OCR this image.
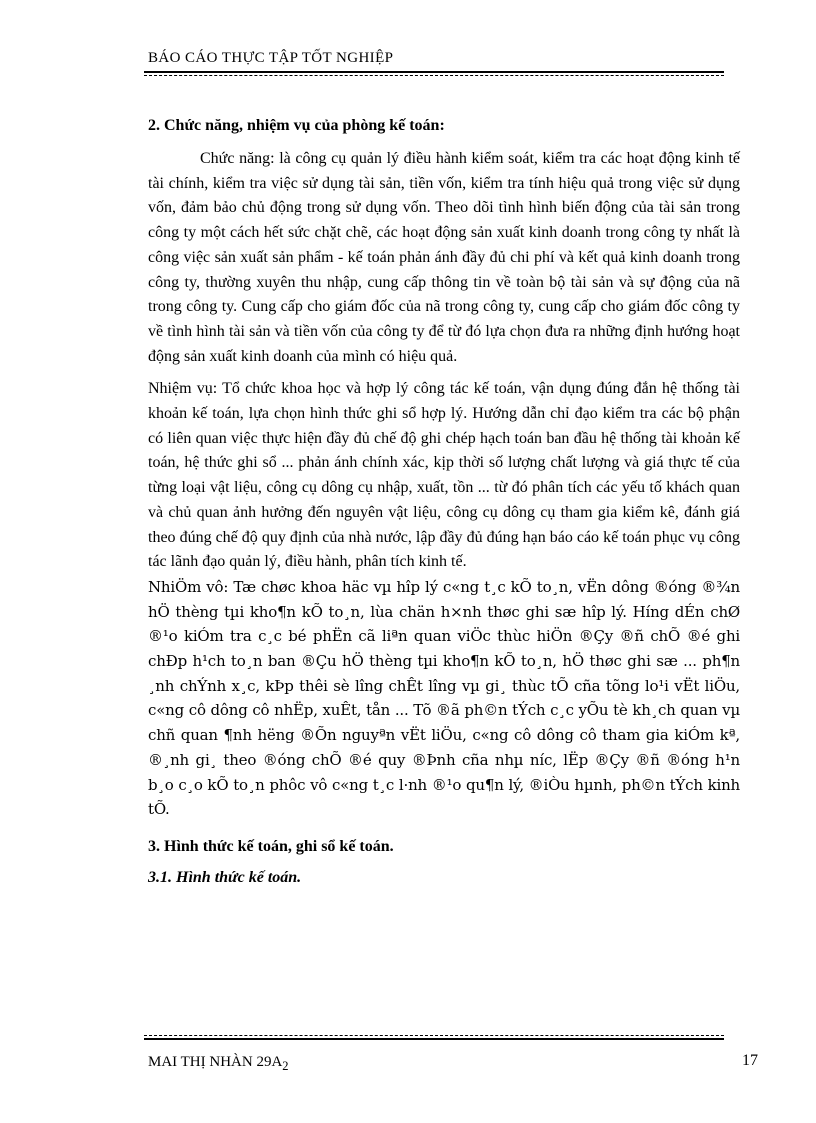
BÁO CÁO THỰC TẬP TỐT NGHIỆP

2. Chức năng, nhiệm vụ của phòng kế toán:

Chức năng: là công cụ quản lý điều hành kiểm soát, kiểm tra các hoạt động kinh tế tài chính, kiểm tra việc sử dụng tài sản, tiền vốn, kiểm tra tính hiệu quả trong việc sử dụng vốn, đảm bảo chủ động trong sử dụng vốn. Theo dõi tình hình biến động của tài sản trong công ty một cách hết sức chặt chẽ, các hoạt động sản xuất kinh doanh trong công ty nhất là công việc sản xuất sản phẩm - kế toán phản ánh đầy đủ chi phí và kết quả kinh doanh trong công ty, thường xuyên thu nhập, cung cấp thông tin về toàn bộ tài sản và sự động của nã trong công ty. Cung cấp cho giám đốc của nã trong công ty, cung cấp cho giám đốc công ty về tình hình tài sản và tiền vốn của công ty để từ đó lựa chọn đưa ra những định hướng hoạt động sản xuất kinh doanh của mình có hiệu quả.

Nhiệm vụ: Tổ chức khoa học và hợp lý công tác kế toán, vận dụng đúng đắn hệ thống tài khoản kế toán, lựa chọn hình thức ghi sổ hợp lý. Hướng dẫn chỉ đạo kiểm tra các bộ phận có liên quan việc thực hiện đầy đủ chế độ ghi chép hạch toán ban đầu hệ thống tài khoản kế toán, hệ thức ghi sổ ... phản ánh chính xác, kịp thời số lượng chất lượng và giá thực tế của từng loại vật liệu, công cụ dông cụ nhập, xuất, tồn ... từ đó phân tích các yếu tố khách quan và chủ quan ảnh hưởng đến nguyên vật liệu, công cụ dông cụ tham gia kiểm kê, đánh giá theo đúng chế độ quy định của nhà nước, lập đầy đủ đúng hạn báo cáo kế toán phục vụ công tác lãnh đạo quản lý, điều hành, phân tích kinh tế.

NhiÖm vô: Tæ chøc khoa häc vµ hîp lý c«ng t¸c kÕ to¸n, vËn dông ®óng ®¾n hÖ thèng tµi kho¶n kÕ to¸n, lùa chän h×nh thøc ghi sæ hîp lý. Híng dÉn chØ ®¹o kiÓm tra c¸c bé phËn cã liªn quan viÖc thùc hiÖn ®Çy ®ñ chÕ ®é ghi chÐp h¹ch to¸n ban ®Çu hÖ thèng tµi kho¶n kÕ to¸n, hÖ thøc ghi sæ ... ph¶n ¸nh chÝnh x¸c, kÞp thêi sè lîng chÊt lîng vµ gi¸ thùc tÕ cña tõng lo¹i vËt liÖu, c«ng cô dông cô nhËp, xuÊt, tån ... Tõ ®ã ph©n tÝch c¸c yÕu tè kh¸ch quan vµ chñ quan ¶nh hëng ®Õn nguyªn vËt liÖu, c«ng cô dông cô tham gia kiÓm kª, ®¸nh gi¸ theo ®óng chÕ ®é quy ®Þnh cña nhµ níc, lËp ®Çy ®ñ ®óng h¹n b¸o c¸o kÕ to¸n phôc vô c«ng t¸c l·nh ®¹o qu¶n lý, ®iÒu hµnh, ph©n tÝch kinh tÕ.

3. Hình thức kế toán, ghi sổ kế toán.

3.1. Hình thức kế toán.

MAI THỊ NHÀN $29A_2$	17
